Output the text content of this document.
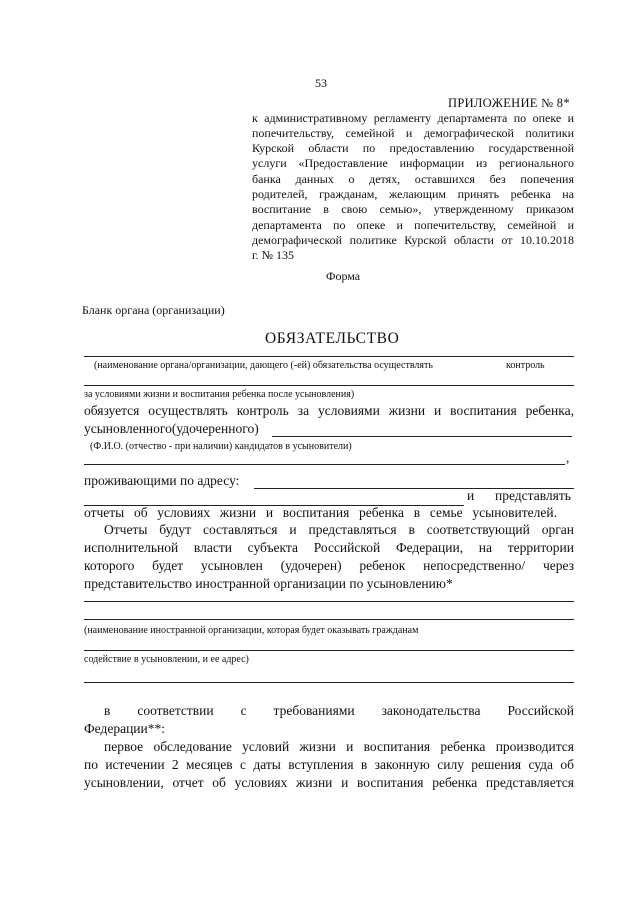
53
ПРИЛОЖЕНИЕ № 8*
к административному регламенту департамента по опеке и
попечительству, семейной и демографической политики
Курской области по предоставлению государственной
услуги «Предоставление информации из регионального
банка данных о детях, оставшихся без попечения
родителей, гражданам, желающим принять ребенка на
воспитание в свою семью», утвержденному приказом
департамента по опеке и попечительству, семейной и
демографической политике Курской области от 10.10.2018
г. № 135
Форма
Бланк органа (организации)
ОБЯЗАТЕЛЬСТВО
(наименование органа/организации, дающего (-ей) обязательства осуществлять	контроль
за условиями жизни и воспитания ребенка после усыновления)
обязуется осуществлять контроль за условиями жизни и воспитания ребенка,
усыновленного(удочеренного)
(Ф.И.О. (отчество - при наличии) кандидатов в усыновители)
,
проживающими по адресу:
и представлять
отчеты об условиях жизни и воспитания ребенка в семье усыновителей.
Отчеты будут составляться и представляться в соответствующий орган
исполнительной власти субъекта Российской Федерации, на территории
которого будет усыновлен (удочерен) ребенок непосредственно/ через
представительство иностранной организации по усыновлению*
(наименование иностранной организации, которая будет оказывать гражданам
содействие в усыновлении, и ее адрес)
в соответствии с требованиями законодательства Российской
Федерации**:
первое обследование условий жизни и воспитания ребенка производится
по истечении 2 месяцев с даты вступления в законную силу решения суда об
усыновлении, отчет об условиях жизни и воспитания ребенка представляется
